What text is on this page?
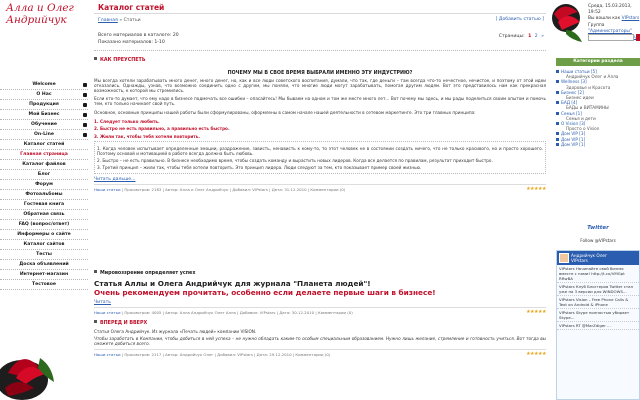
Алла и Олег
Андрийчук
Welcome
О Нас
Продукция
Мой Бизнес
Обучение
On-Line
Каталог статей
Главная страница
Каталог файлов
Блог
Форум
Фотоальбомы
Гостевая книга
Обратная связь
FAQ (вопрос/ответ)
Информеры о сайте
Каталог сайтов
Тесты
Доска объявлений
Интернет-магазин
Тестовое
Каталог статей
Главная » Статьи	[ Добавить статью ]
Всего материалов в каталоге: 20
Показано материалов: 1-10
Страницы: 1 2 »
КАК ПРЕУСПЕТЬ
ПОЧЕМУ МЫ В СВОЕ ВРЕМЯ ВЫБРАЛИ ИМЕННО ЭТУ ИНДУСТРИЮ?
Мы всегда хотели зарабатывать много денег, много денег, но, как и все люди советского воспитания, думали, что так, где деньги – там всегда что-то нечестное, нечистое, и поэтому от этой идеи отказались. Однажды, узнав, что возможно соединить одно с другим, мы поняли, что многие люди могут зарабатывать, помогая другим людям. Вот это представилось нам как прекрасная возможность, к которой мы стремились.
Если кто-то думает, что ему надо в бизнесе подмечать все ошибки – опасайтесь! Мы бываем на одном и том же месте много лет... Вот почему мы здесь, и мы рады поделиться своим опытом и помочь тем, кто только начинает свой путь.
Основное, основные принципы нашей работы были сформулированы, оформлены в самом начале нашей деятельности в сетевом маркетинге. Это три главных принципа:
1. Следует только любить.
2. Быстро не есть правильно, а правильно есть быстро.
3. Жили так, чтобы тебя хотели повторить.
1. Когда человек испытывает определенные эмоции, раздражение, зависть, ненависть к кому-то, то этот человек не в состоянии создать ничего, что не только красивого, но и просто хорошего. Поэтому основой и мотивацией в работе всегда должна быть любовь.
2. Быстро – не есть правильно. В бизнесе необходимо время, чтобы создать команду и вырастить новых лидеров. Когда все делается по правилам, результат приходит быстро.
3. Третий принцип – жили так, чтобы тебя хотели повторить. Это принцип лидера. Люди следуют за тем, кто показывает пример своей жизнью.
Читать дальше...
Наши статьи | Просмотров: 2183 | Автор: Алла и Олег Андрийчук | Добавил: VIPstars | Дата: 31.12.2010 | Комментарии (0)	★★★★★
Мировоззрение определяет успех
Статья Аллы и Олега Андрийчук для журнала "Планета людей"!
Очень рекомендуем прочитать, особенно если делаете первые шаги в бизнесе!
Читать
Наши статьи | Просмотров: 4005 | Автор: Алла Андрийчук Олег Алла | Добавил: VIPstars | Дата: 30.12.2010 | Комментарии (0)	★★★★★
ВПЕРЕД И ВВЕРХ
Статья Олега Андрийчук. Из журнала «Печать людей» компании VISION.
Чтобы заработать в Компании, чтобы добиться в ней успеха – не нужно обладать каким-то особым специальным образованием. Нужно лишь желание, стремление и готовность учиться. Вот тогда вы сможете добиться всего.
Наши статьи | Просмотров: 2117 | Автор: Андрийчук Олег | Добавил: VIPstars | Дата: 29.12.2010 | Комментарии (0)	★★★★★
Среда, 15.03.2013, 19:52
Вы вошли как VIPstars
Группа "Администраторы"
Категории раздела
Наши статьи [5]
Андрийчук Олег и Алла
Wellness [3]
Здоровье и Красота
Бизнес [2]
Бизнес идеи
БАД [4]
БАДы и ВИТАМИНЫ
Семья [1]
Семья и дети
О Vision [3]
Просто о Vision
Дом VIP [3]
Дом VIP [1]
Дом VIP [1]
Twitter
Follow @VIPstars
Андрийчук Олег
VIPstars
VIPstars Начинайте свой бизнес вместе с нами! http://t.co/VMGpt RRwBA
VIPstars Клуб Блоггеров Twitter стал уже на 3 версии для WINDOWS...
VIPstars Vision – Free Phone Calls & Text on Android & iPhone
VIPstars Skype полностью убирает Skype...
VIPstars RT @MarZdiger ...
